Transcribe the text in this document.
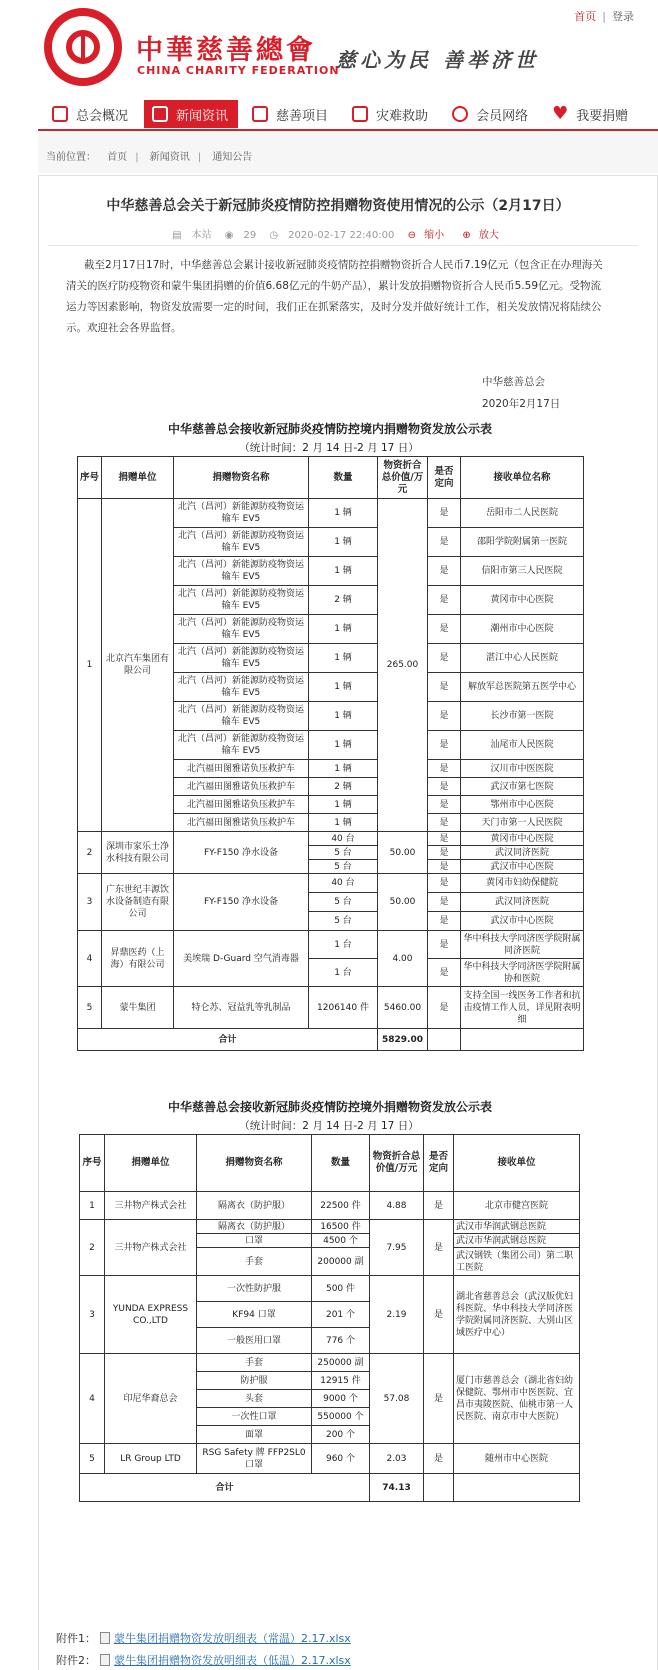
中華慈善總會
CHINA CHARITY FEDERATION
慈心为民 善举济世
首页 | 登录
总会概况	新闻资讯	慈善项目	灾难救助	会员网络 ♥	我要捐赠
当前位置： 首页 | 新闻资讯 | 通知公告
中华慈善总会关于新冠肺炎疫情防控捐赠物资使用情况的公示（2月17日）
▤ 本站 ◉ 29 ◷ 2020-02-17 22:40:00 ⊖ 缩小 ⊕ 放大
截至2月17日17时，中华慈善总会累计接收新冠肺炎疫情防控捐赠物资折合人民币7.19亿元（包含正在办理海关清关的医疗防疫物资和蒙牛集团捐赠的价值6.68亿元的牛奶产品），累计发放捐赠物资折合人民币5.59亿元。受物流运力等因素影响，物资发放需要一定的时间，我们正在抓紧落实，及时分发并做好统计工作，相关发放情况将陆续公示。欢迎社会各界监督。
中华慈善总会
2020年2月17日
中华慈善总会接收新冠肺炎疫情防控境内捐赠物资发放公示表
（统计时间：2 月 14 日-2 月 17 日）
序号	捐赠单位	捐赠物资名称	数量	物资折合总价值/万元	是否定向	接收单位名称
1	北京汽车集团有限公司	北汽（昌河）新能源防疫物资运输车 EV5	1 辆	265.00	是	岳阳市二人民医院
		北汽（昌河）新能源防疫物资运输车 EV5	1 辆		是	邵阳学院附属第一医院
		北汽（昌河）新能源防疫物资运输车 EV5	1 辆		是	信阳市第三人民医院
		北汽（昌河）新能源防疫物资运输车 EV5	2 辆		是	黄冈市中心医院
		北汽（昌河）新能源防疫物资运输车 EV5	1 辆		是	潮州市中心医院
		北汽（昌河）新能源防疫物资运输车 EV5	1 辆		是	湛江中心人民医院
		北汽（昌河）新能源防疫物资运输车 EV5	1 辆		是	解放军总医院第五医学中心
		北汽（昌河）新能源防疫物资运输车 EV5	1 辆		是	长沙市第一医院
		北汽（昌河）新能源防疫物资运输车 EV5	1 辆		是	汕尾市人民医院
		北汽福田图雅诺负压救护车	1 辆		是	汉川市中医医院
		北汽福田图雅诺负压救护车	2 辆		是	武汉市第七医院
		北汽福田图雅诺负压救护车	1 辆		是	鄂州市中心医院
		北汽福田图雅诺负压救护车	1 辆		是	天门市第一人民医院
2	深圳市家乐士净水科技有限公司	FY-F150 净水设备	40 台	50.00	是	黄冈市中心医院
			5 台		是	武汉同济医院
			5 台		是	武汉市中心医院
3	广东世纪丰源饮水设备制造有限公司	FY-F150 净水设备	40 台	50.00	是	黄冈市妇幼保健院
			5 台		是	武汉同济医院
			5 台		是	武汉市中心医院
4	昇鼎医药（上海）有限公司	美埃瑞 D-Guard 空气消毒器	1 台	4.00	是	华中科技大学同济医学院附属同济医院
			1 台		是	华中科技大学同济医学院附属协和医院
5	蒙牛集团	特仑苏、冠益乳等乳制品	1206140 件	5460.00	是	支持全国一线医务工作者和抗击疫情工作人员，详见附表明细
合计				5829.00		
中华慈善总会接收新冠肺炎疫情防控境外捐赠物资发放公示表
（统计时间：2 月 14 日-2 月 17 日）
序号	捐赠单位	捐赠物资名称	数量	物资折合总价值/万元	是否定向	接收单位
1	三井物产株式会社	隔离衣（防护服）	22500 件	4.88	是	北京市健宫医院
2	三井物产株式会社	隔离衣（防护服）	16500 件	7.95	是	武汉市华润武钢总医院
		口罩	4500 个			武汉市华润武钢总医院
		手套	200000 副			武汉钢铁（集团公司）第二职工医院
3	YUNDA EXPRESS CO.,LTD	一次性防护服	500 件	2.19	是	湖北省慈善总会（武汉版优妇科医院、华中科技大学同济医学院附属同济医院、大别山区域医疗中心）
		KF94 口罩	201 个			
		一般医用口罩	776 个			
4	印尼华裔总会	手套	250000 副	57.08	是	厦门市慈善总会（湖北省妇幼保健院、鄂州市中医医院、宜昌市夷陵医院、仙桃市第一人民医院、南京市中大医院）
		防护服	12915 件			
		头套	9000 个			
		一次性口罩	550000 个			
		面罩	200 个			
5	LR Group LTD	RSG Safety 牌 FFP2SL0 口罩	960 个	2.03	是	随州市中心医院
合计				74.13		
附件1： 蒙牛集团捐赠物资发放明细表（常温）2.17.xlsx
附件2： 蒙牛集团捐赠物资发放明细表（低温）2.17.xlsx
